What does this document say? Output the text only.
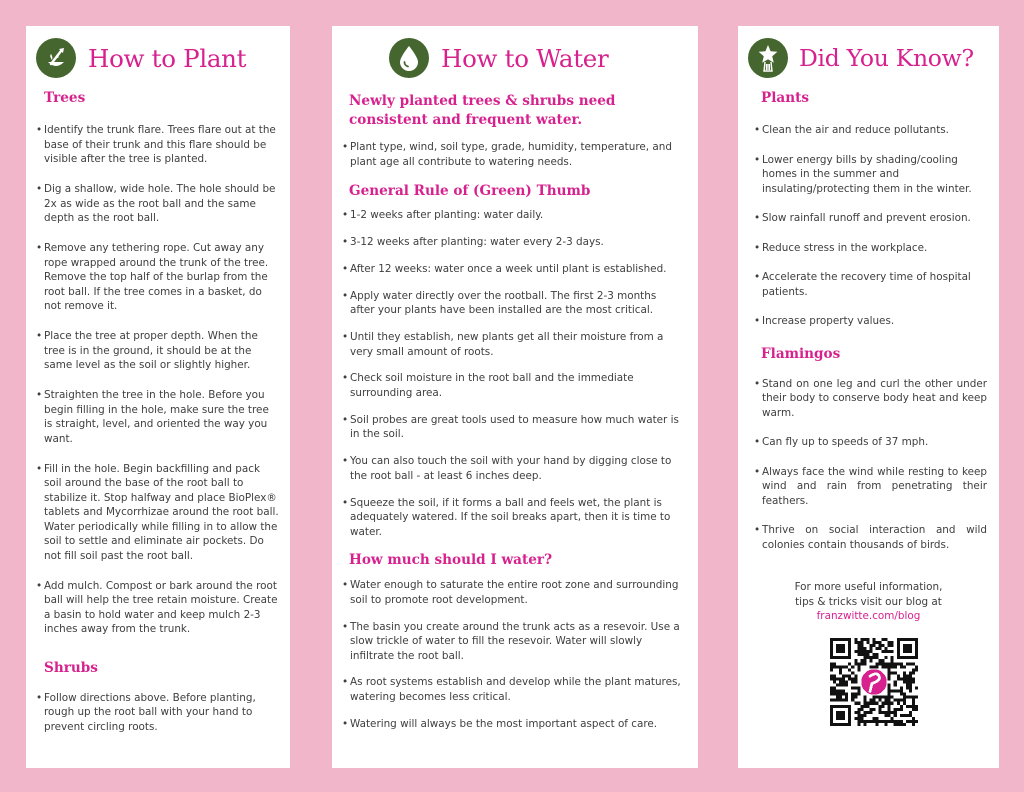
How to Plant
Trees
• Identify the trunk flare. Trees flare out at the base of their trunk and this flare should be visible after the tree is planted.
• Dig a shallow, wide hole. The hole should be 2x as wide as the root ball and the same depth as the root ball.
• Remove any tethering rope. Cut away any rope wrapped around the trunk of the tree. Remove the top half of the burlap from the root ball. If the tree comes in a basket, do not remove it.
• Place the tree at proper depth. When the tree is in the ground, it should be at the same level as the soil or slightly higher.
• Straighten the tree in the hole. Before you begin filling in the hole, make sure the tree is straight, level, and oriented the way you want.
• Fill in the hole. Begin backfilling and pack soil around the base of the root ball to stabilize it. Stop halfway and place BioPlex® tablets and Mycorrhizae around the root ball. Water periodically while filling in to allow the soil to settle and eliminate air pockets. Do not fill soil past the root ball.
• Add mulch. Compost or bark around the root ball will help the tree retain moisture. Create a basin to hold water and keep mulch 2-3 inches away from the trunk.
Shrubs
• Follow directions above. Before planting, rough up the root ball with your hand to prevent circling roots.
How to Water
Newly planted trees & shrubs need consistent and frequent water.
• Plant type, wind, soil type, grade, humidity, temperature, and plant age all contribute to watering needs.
General Rule of (Green) Thumb
• 1-2 weeks after planting: water daily.
• 3-12 weeks after planting: water every 2-3 days.
• After 12 weeks: water once a week until plant is established.
• Apply water directly over the rootball. The first 2-3 months after your plants have been installed are the most critical.
• Until they establish, new plants get all their moisture from a very small amount of roots.
• Check soil moisture in the root ball and the immediate surrounding area.
• Soil probes are great tools used to measure how much water is in the soil.
• You can also touch the soil with your hand by digging close to the root ball - at least 6 inches deep.
• Squeeze the soil, if it forms a ball and feels wet, the plant is adequately watered. If the soil breaks apart, then it is time to water.
How much should I water?
• Water enough to saturate the entire root zone and surrounding soil to promote root development.
• The basin you create around the trunk acts as a resevoir. Use a slow trickle of water to fill the resevoir. Water will slowly infiltrate the root ball.
• As root systems establish and develop while the plant matures, watering becomes less critical.
• Watering will always be the most important aspect of care.
Did You Know?
Plants
• Clean the air and reduce pollutants.
• Lower energy bills by shading/cooling homes in the summer and insulating/protecting them in the winter.
• Slow rainfall runoff and prevent erosion.
• Reduce stress in the workplace.
• Accelerate the recovery time of hospital patients.
• Increase property values.
Flamingos
• Stand on one leg and curl the other under their body to conserve body heat and keep warm.
• Can fly up to speeds of 37 mph.
• Always face the wind while resting to keep wind and rain from penetrating their feathers.
• Thrive on social interaction and wild colonies contain thousands of birds.
For more useful information,
tips & tricks visit our blog at
franzwitte.com/blog
